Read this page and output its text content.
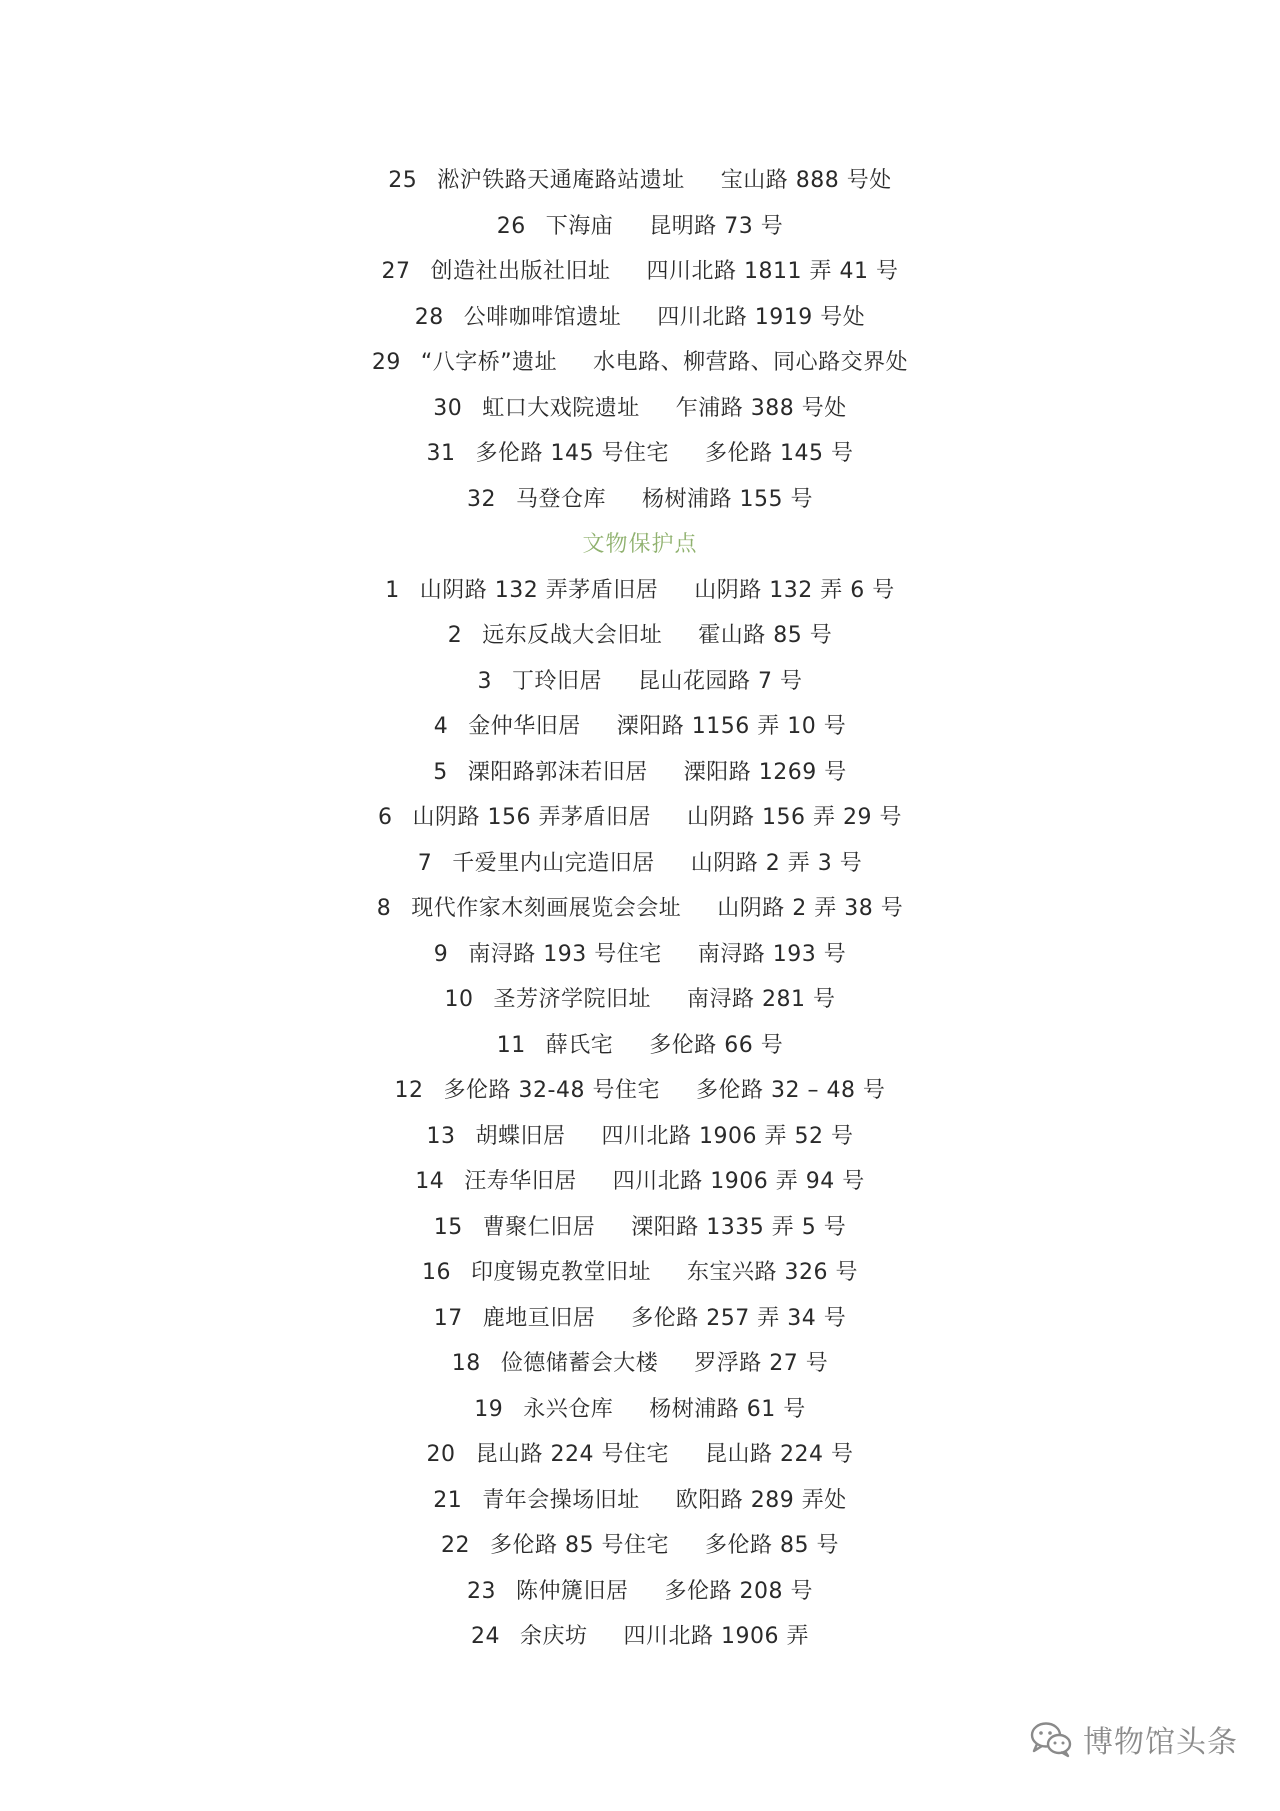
25 淞沪铁路天通庵路站遗址 宝山路 888 号处
26 下海庙 昆明路 73 号
27 创造社出版社旧址 四川北路 1811 弄 41 号
28 公啡咖啡馆遗址 四川北路 1919 号处
29 “八字桥”遗址 水电路、柳营路、同心路交界处
30 虹口大戏院遗址 乍浦路 388 号处
31 多伦路 145 号住宅 多伦路 145 号
32 马登仓库 杨树浦路 155 号
文物保护点
1 山阴路 132 弄茅盾旧居 山阴路 132 弄 6 号
2 远东反战大会旧址 霍山路 85 号
3 丁玲旧居 昆山花园路 7 号
4 金仲华旧居 溧阳路 1156 弄 10 号
5 溧阳路郭沫若旧居 溧阳路 1269 号
6 山阴路 156 弄茅盾旧居 山阴路 156 弄 29 号
7 千爱里内山完造旧居 山阴路 2 弄 3 号
8 现代作家木刻画展览会会址 山阴路 2 弄 38 号
9 南浔路 193 号住宅 南浔路 193 号
10 圣芳济学院旧址 南浔路 281 号
11 薛氏宅 多伦路 66 号
12 多伦路 32-48 号住宅 多伦路 32 – 48 号
13 胡蝶旧居 四川北路 1906 弄 52 号
14 汪寿华旧居 四川北路 1906 弄 94 号
15 曹聚仁旧居 溧阳路 1335 弄 5 号
16 印度锡克教堂旧址 东宝兴路 326 号
17 鹿地亘旧居 多伦路 257 弄 34 号
18 俭德储蓄会大楼 罗浮路 27 号
19 永兴仓库 杨树浦路 61 号
20 昆山路 224 号住宅 昆山路 224 号
21 青年会操场旧址 欧阳路 289 弄处
22 多伦路 85 号住宅 多伦路 85 号
23 陈仲篪旧居 多伦路 208 号
24 余庆坊 四川北路 1906 弄
博物馆头条
